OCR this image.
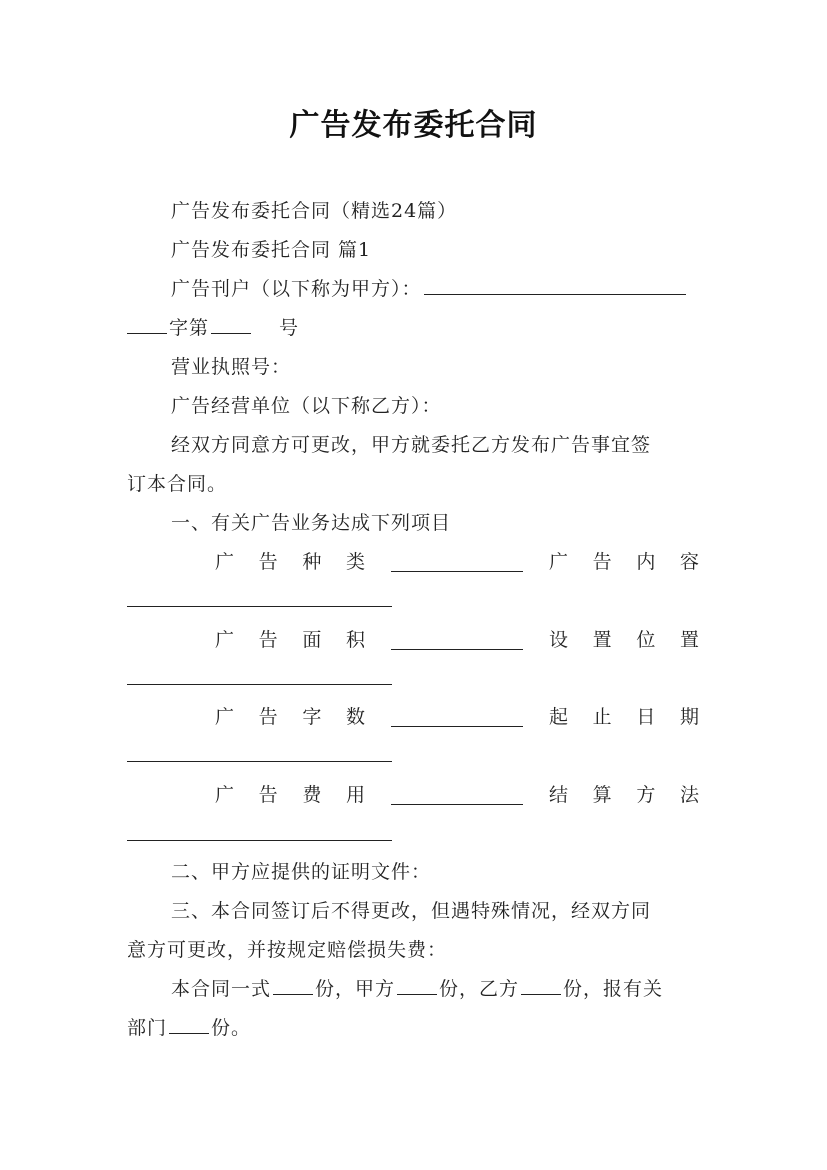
广告发布委托合同
广告发布委托合同（精选24篇）
广告发布委托合同 篇1
广告刊户（以下称为甲方）：
字第	号
营业执照号：
广告经营单位（以下称乙方）：
经双方同意方可更改，甲方就委托乙方发布广告事宜签
订本合同。
一、有关广告业务达成下列项目
广告种类	广告内容
广告面积	设置位置
广告字数	起止日期
广告费用	结算方法
二、甲方应提供的证明文件：
三、本合同签订后不得更改，但遇特殊情况，经双方同
意方可更改，并按规定赔偿损失费：
本合同一式 份，甲方 份，乙方 份，报有关
部门 份。
